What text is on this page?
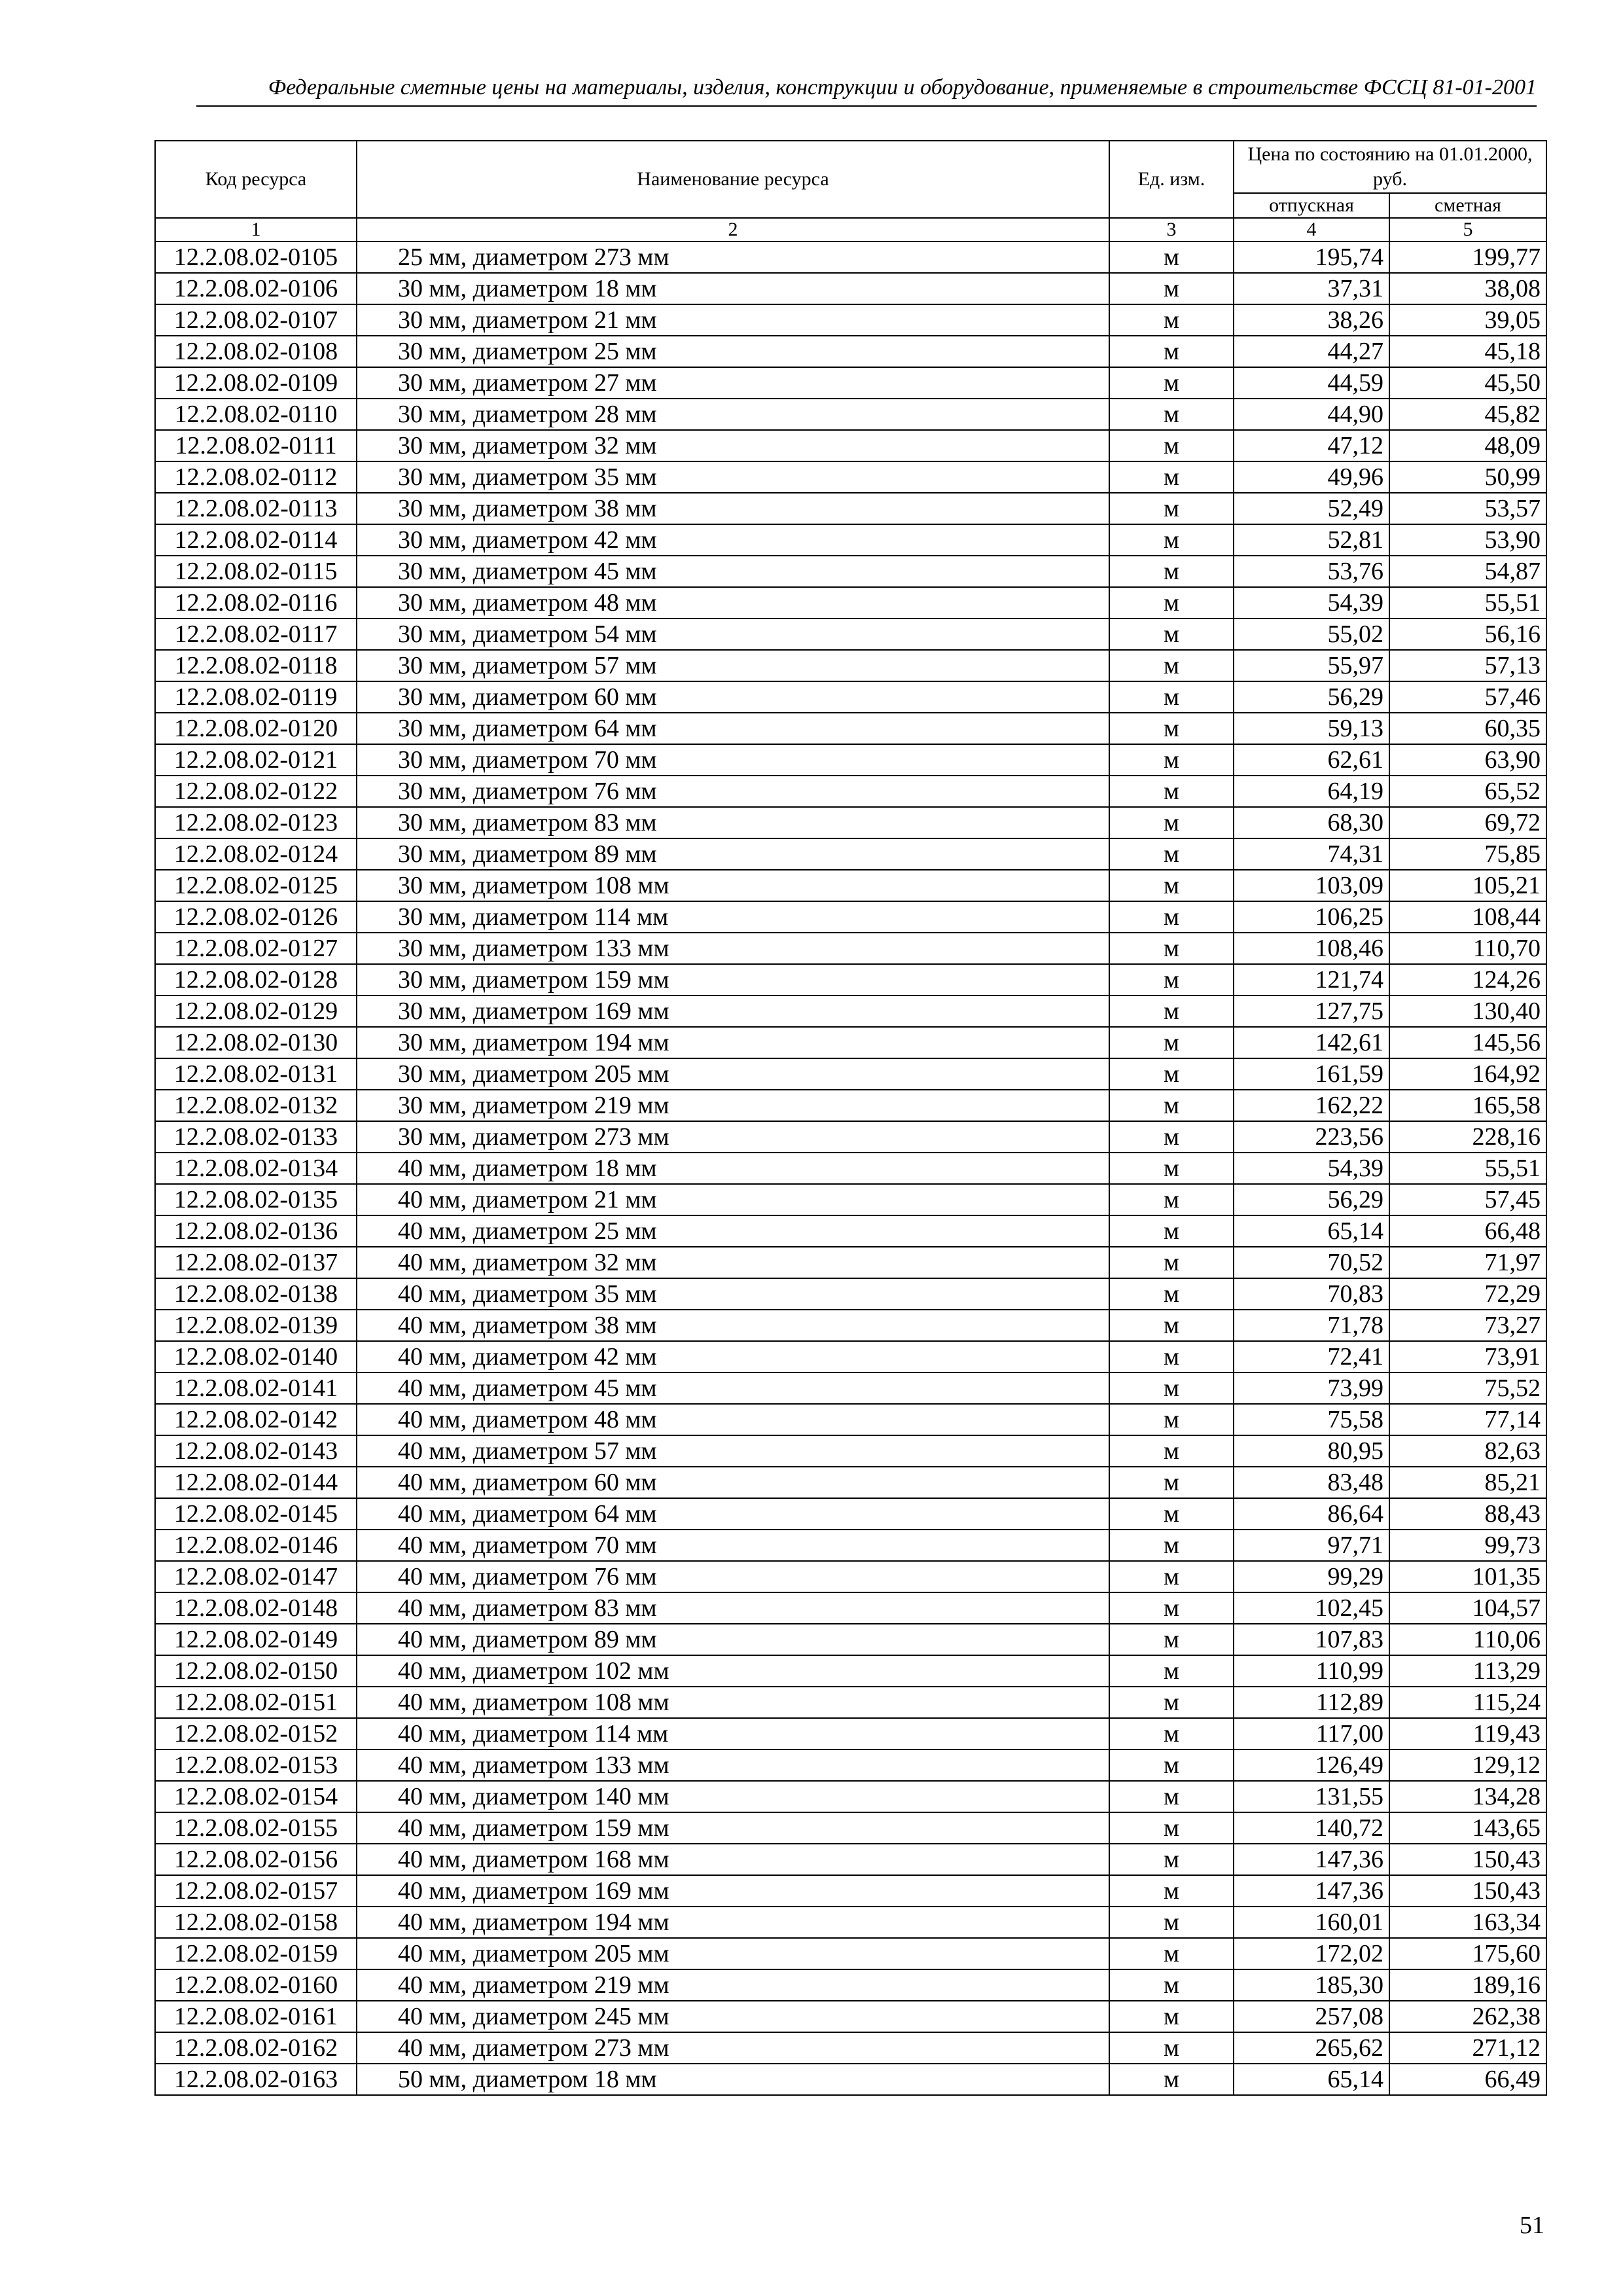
Федеральные сметные цены на материалы, изделия, конструкции и оборудование, применяемые в строительстве ФССЦ 81-01-2001
Код ресурса	Наименование ресурса	Ед. изм.	Цена по состоянию на 01.01.2000, руб.	
			отпускная	сметная
1	2	3	4	5
12.2.08.02-0105	25 мм, диаметром 273 мм	м	195,74	199,77
12.2.08.02-0106	30 мм, диаметром 18 мм	м	37,31	38,08
12.2.08.02-0107	30 мм, диаметром 21 мм	м	38,26	39,05
12.2.08.02-0108	30 мм, диаметром 25 мм	м	44,27	45,18
12.2.08.02-0109	30 мм, диаметром 27 мм	м	44,59	45,50
12.2.08.02-0110	30 мм, диаметром 28 мм	м	44,90	45,82
12.2.08.02-0111	30 мм, диаметром 32 мм	м	47,12	48,09
12.2.08.02-0112	30 мм, диаметром 35 мм	м	49,96	50,99
12.2.08.02-0113	30 мм, диаметром 38 мм	м	52,49	53,57
12.2.08.02-0114	30 мм, диаметром 42 мм	м	52,81	53,90
12.2.08.02-0115	30 мм, диаметром 45 мм	м	53,76	54,87
12.2.08.02-0116	30 мм, диаметром 48 мм	м	54,39	55,51
12.2.08.02-0117	30 мм, диаметром 54 мм	м	55,02	56,16
12.2.08.02-0118	30 мм, диаметром 57 мм	м	55,97	57,13
12.2.08.02-0119	30 мм, диаметром 60 мм	м	56,29	57,46
12.2.08.02-0120	30 мм, диаметром 64 мм	м	59,13	60,35
12.2.08.02-0121	30 мм, диаметром 70 мм	м	62,61	63,90
12.2.08.02-0122	30 мм, диаметром 76 мм	м	64,19	65,52
12.2.08.02-0123	30 мм, диаметром 83 мм	м	68,30	69,72
12.2.08.02-0124	30 мм, диаметром 89 мм	м	74,31	75,85
12.2.08.02-0125	30 мм, диаметром 108 мм	м	103,09	105,21
12.2.08.02-0126	30 мм, диаметром 114 мм	м	106,25	108,44
12.2.08.02-0127	30 мм, диаметром 133 мм	м	108,46	110,70
12.2.08.02-0128	30 мм, диаметром 159 мм	м	121,74	124,26
12.2.08.02-0129	30 мм, диаметром 169 мм	м	127,75	130,40
12.2.08.02-0130	30 мм, диаметром 194 мм	м	142,61	145,56
12.2.08.02-0131	30 мм, диаметром 205 мм	м	161,59	164,92
12.2.08.02-0132	30 мм, диаметром 219 мм	м	162,22	165,58
12.2.08.02-0133	30 мм, диаметром 273 мм	м	223,56	228,16
12.2.08.02-0134	40 мм, диаметром 18 мм	м	54,39	55,51
12.2.08.02-0135	40 мм, диаметром 21 мм	м	56,29	57,45
12.2.08.02-0136	40 мм, диаметром 25 мм	м	65,14	66,48
12.2.08.02-0137	40 мм, диаметром 32 мм	м	70,52	71,97
12.2.08.02-0138	40 мм, диаметром 35 мм	м	70,83	72,29
12.2.08.02-0139	40 мм, диаметром 38 мм	м	71,78	73,27
12.2.08.02-0140	40 мм, диаметром 42 мм	м	72,41	73,91
12.2.08.02-0141	40 мм, диаметром 45 мм	м	73,99	75,52
12.2.08.02-0142	40 мм, диаметром 48 мм	м	75,58	77,14
12.2.08.02-0143	40 мм, диаметром 57 мм	м	80,95	82,63
12.2.08.02-0144	40 мм, диаметром 60 мм	м	83,48	85,21
12.2.08.02-0145	40 мм, диаметром 64 мм	м	86,64	88,43
12.2.08.02-0146	40 мм, диаметром 70 мм	м	97,71	99,73
12.2.08.02-0147	40 мм, диаметром 76 мм	м	99,29	101,35
12.2.08.02-0148	40 мм, диаметром 83 мм	м	102,45	104,57
12.2.08.02-0149	40 мм, диаметром 89 мм	м	107,83	110,06
12.2.08.02-0150	40 мм, диаметром 102 мм	м	110,99	113,29
12.2.08.02-0151	40 мм, диаметром 108 мм	м	112,89	115,24
12.2.08.02-0152	40 мм, диаметром 114 мм	м	117,00	119,43
12.2.08.02-0153	40 мм, диаметром 133 мм	м	126,49	129,12
12.2.08.02-0154	40 мм, диаметром 140 мм	м	131,55	134,28
12.2.08.02-0155	40 мм, диаметром 159 мм	м	140,72	143,65
12.2.08.02-0156	40 мм, диаметром 168 мм	м	147,36	150,43
12.2.08.02-0157	40 мм, диаметром 169 мм	м	147,36	150,43
12.2.08.02-0158	40 мм, диаметром 194 мм	м	160,01	163,34
12.2.08.02-0159	40 мм, диаметром 205 мм	м	172,02	175,60
12.2.08.02-0160	40 мм, диаметром 219 мм	м	185,30	189,16
12.2.08.02-0161	40 мм, диаметром 245 мм	м	257,08	262,38
12.2.08.02-0162	40 мм, диаметром 273 мм	м	265,62	271,12
12.2.08.02-0163	50 мм, диаметром 18 мм	м	65,14	66,49
51
